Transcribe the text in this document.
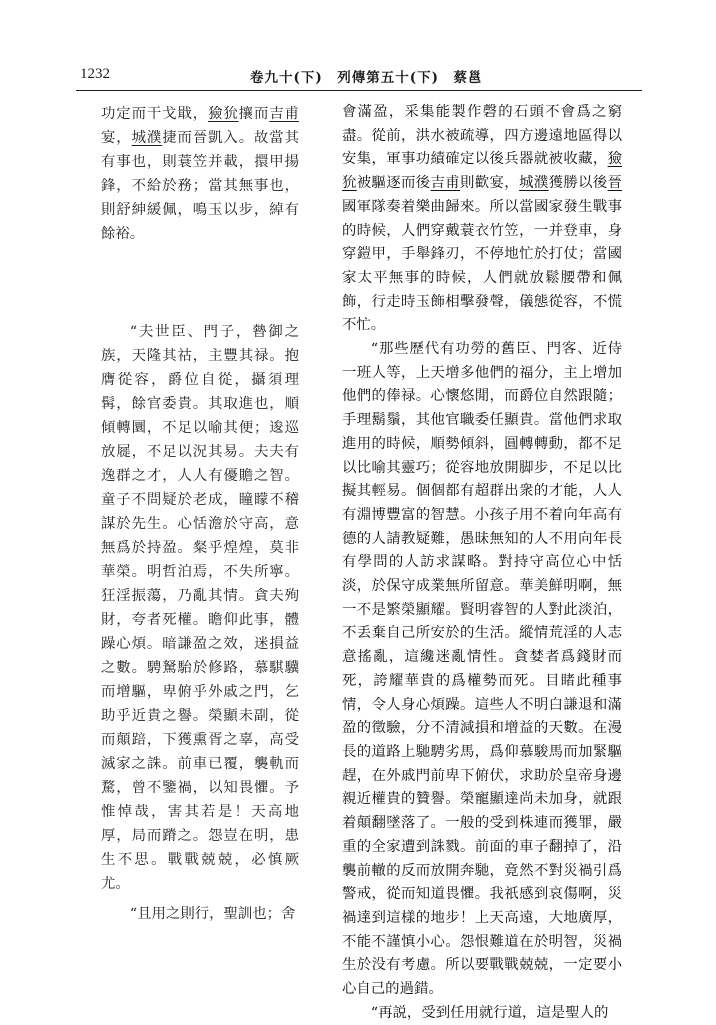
1232	卷九十(下)　列傳第五十(下)　蔡邕

功定而干戈戢，獫狁攘而吉甫宴，城濮捷而晉凱入。故當其有事也，則蓑笠并載，擐甲揚鋒，不給於務；當其無事也，則舒紳緩佩，鳴玉以步，綽有餘裕。

“夫世臣、門子，暬御之族，天隆其祜，主豐其禄。抱膺從容，爵位自從，攝須理髯，餘官委貴。其取進也，順傾轉圜，不足以喻其便；逡巡放屣，不足以況其易。夫夫有逸群之才，人人有優贍之智。童子不問疑於老成，瞳矇不稽謀於先生。心恬澹於守高，意無爲於持盈。粲乎煌煌，莫非華榮。明哲泊焉，不失所寧。狂淫振蕩，乃亂其情。貪夫殉財，夸者死權。瞻仰此事，體躁心煩。暗謙盈之效，迷損益之數。騁駑駘於修路，慕騏驥而增驅，卑俯乎外戚之門，乞助乎近貴之譽。榮顯未副，從而顛踣，下獲熏胥之辜，高受滅家之誅。前車已覆，襲軌而騖，曾不鑒禍，以知畏懼。予惟悼哉，害其若是！天高地厚，局而蹐之。怨豈在明，患生不思。戰戰兢兢，必慎厥尤。

“且用之則行，聖訓也；舍

會滿盈，采集能製作磬的石頭不會爲之窮盡。從前，洪水被疏導，四方邊遠地區得以安集，軍事功績確定以後兵器就被收藏，獫狁被驅逐而後吉甫則歡宴，城濮獲勝以後晉國軍隊奏着樂曲歸來。所以當國家發生戰事的時候，人們穿戴蓑衣竹笠，一并登車，身穿鎧甲，手舉鋒刃，不停地忙於打仗；當國家太平無事的時候，人們就放鬆腰帶和佩飾，行走時玉飾相擊發聲，儀態從容，不慌不忙。

“那些歷代有功勞的舊臣、門客、近侍一班人等，上天增多他們的福分，主上增加他們的俸禄。心懷悠閒，而爵位自然跟隨；手理鬍鬚，其他官職委任顯貴。當他們求取進用的時候，順勢傾斜，圓轉轉動，都不足以比喻其靈巧；從容地放開脚步，不足以比擬其輕易。個個都有超群出衆的才能，人人有淵博豐富的智慧。小孩子用不着向年高有德的人請教疑難，愚昧無知的人不用向年長有學問的人訪求謀略。對持守高位心中恬淡，於保守成業無所留意。華美鮮明啊，無一不是繁榮顯耀。賢明睿智的人對此淡泊，不丢棄自己所安於的生活。縱情荒淫的人志意搖亂，這纔迷亂情性。貪婪者爲錢財而死，誇耀華貴的爲權勢而死。目睹此種事情，令人身心煩躁。這些人不明白謙退和滿盈的徵驗，分不清減損和增益的天數。在漫長的道路上馳騁劣馬，爲仰慕駿馬而加緊驅趕，在外戚門前卑下俯伏，求助於皇帝身邊親近權貴的贊譽。榮寵顯達尚未加身，就跟着顛翻墜落了。一般的受到株連而獲罪，嚴重的全家遭到誅戮。前面的車子翻掉了，沿襲前轍的反而放開奔馳，竟然不對災禍引爲警戒，從而知道畏懼。我祇感到哀傷啊，災禍達到這樣的地步！上天高遠，大地廣厚，不能不謹慎小心。怨恨難道在於明智，災禍生於没有考慮。所以要戰戰兢兢，一定要小心自己的過錯。

“再説，受到任用就行道，這是聖人的
